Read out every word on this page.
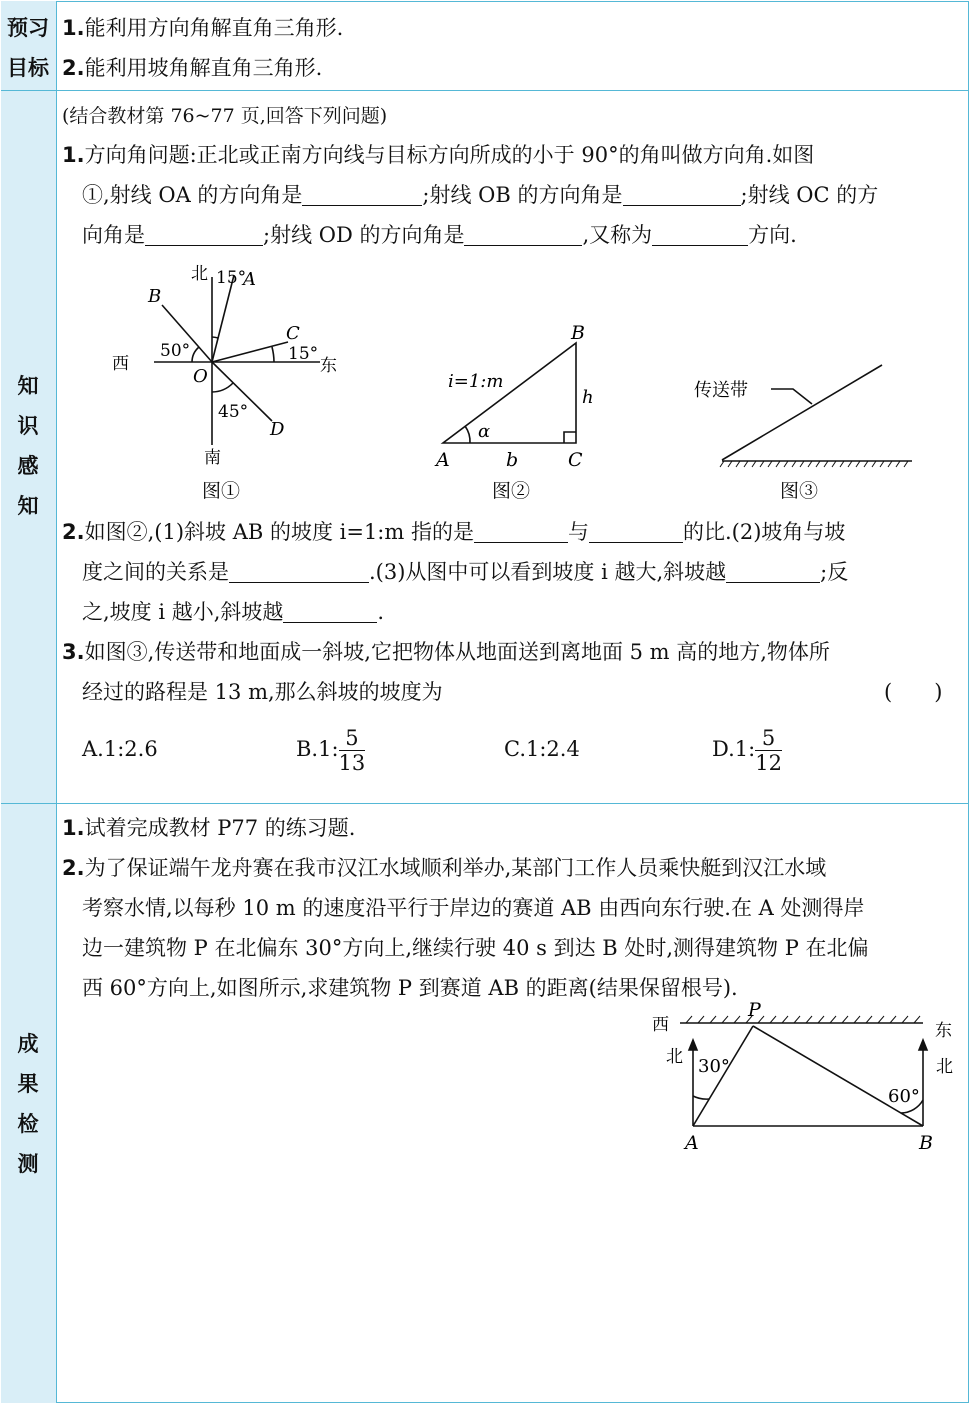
预习
目标
1.能利用方向角解直角三角形.
2.能利用坡角解直角三角形.
知
识
感
知
(结合教材第 76~77 页,回答下列问题)
1.方向角问题:正北或正南方向线与目标方向所成的小于 90°的角叫做方向角.如图
①,射线 OA 的方向角是	;射线 OB 的方向角是	;射线 OC 的方
向角是	;射线 OD 的方向角是	,又称为	方向.
北 15°
A
B
50°
西
C
15°
东
O
45°
D
南
图①
B
i=1:m
h
α
A	b	C
图②
传送带
图③
2.如图②,(1)斜坡 AB 的坡度 i=1:m 指的是	与	的比.(2)坡角与坡
度之间的关系是	.(3)从图中可以看到坡度 i 越大,斜坡越	;反
之,坡度 i 越小,斜坡越	.
3.如图③,传送带和地面成一斜坡,它把物体从地面送到离地面 5 m 高的地方,物体所
经过的路程是 13 m,那么斜坡的坡度为	(　　)
A.1:2.6	B.1: $\frac{5}{13}$	C.1:2.4	D.1: $\frac{5}{12}$
成
果
检
测
1.试着完成教材 P77 的练习题.
2.为了保证端午龙舟赛在我市汉江水域顺利举办,某部门工作人员乘快艇到汉江水域
考察水情,以每秒 10 m 的速度沿平行于岸边的赛道 AB 由西向东行驶.在 A 处测得岸
边一建筑物 P 在北偏东 30°方向上,继续行驶 40 s 到达 B 处时,测得建筑物 P 在北偏
西 60°方向上,如图所示,求建筑物 P 到赛道 AB 的距离(结果保留根号).
西	东
P
北 30°	北
60°
A	B
